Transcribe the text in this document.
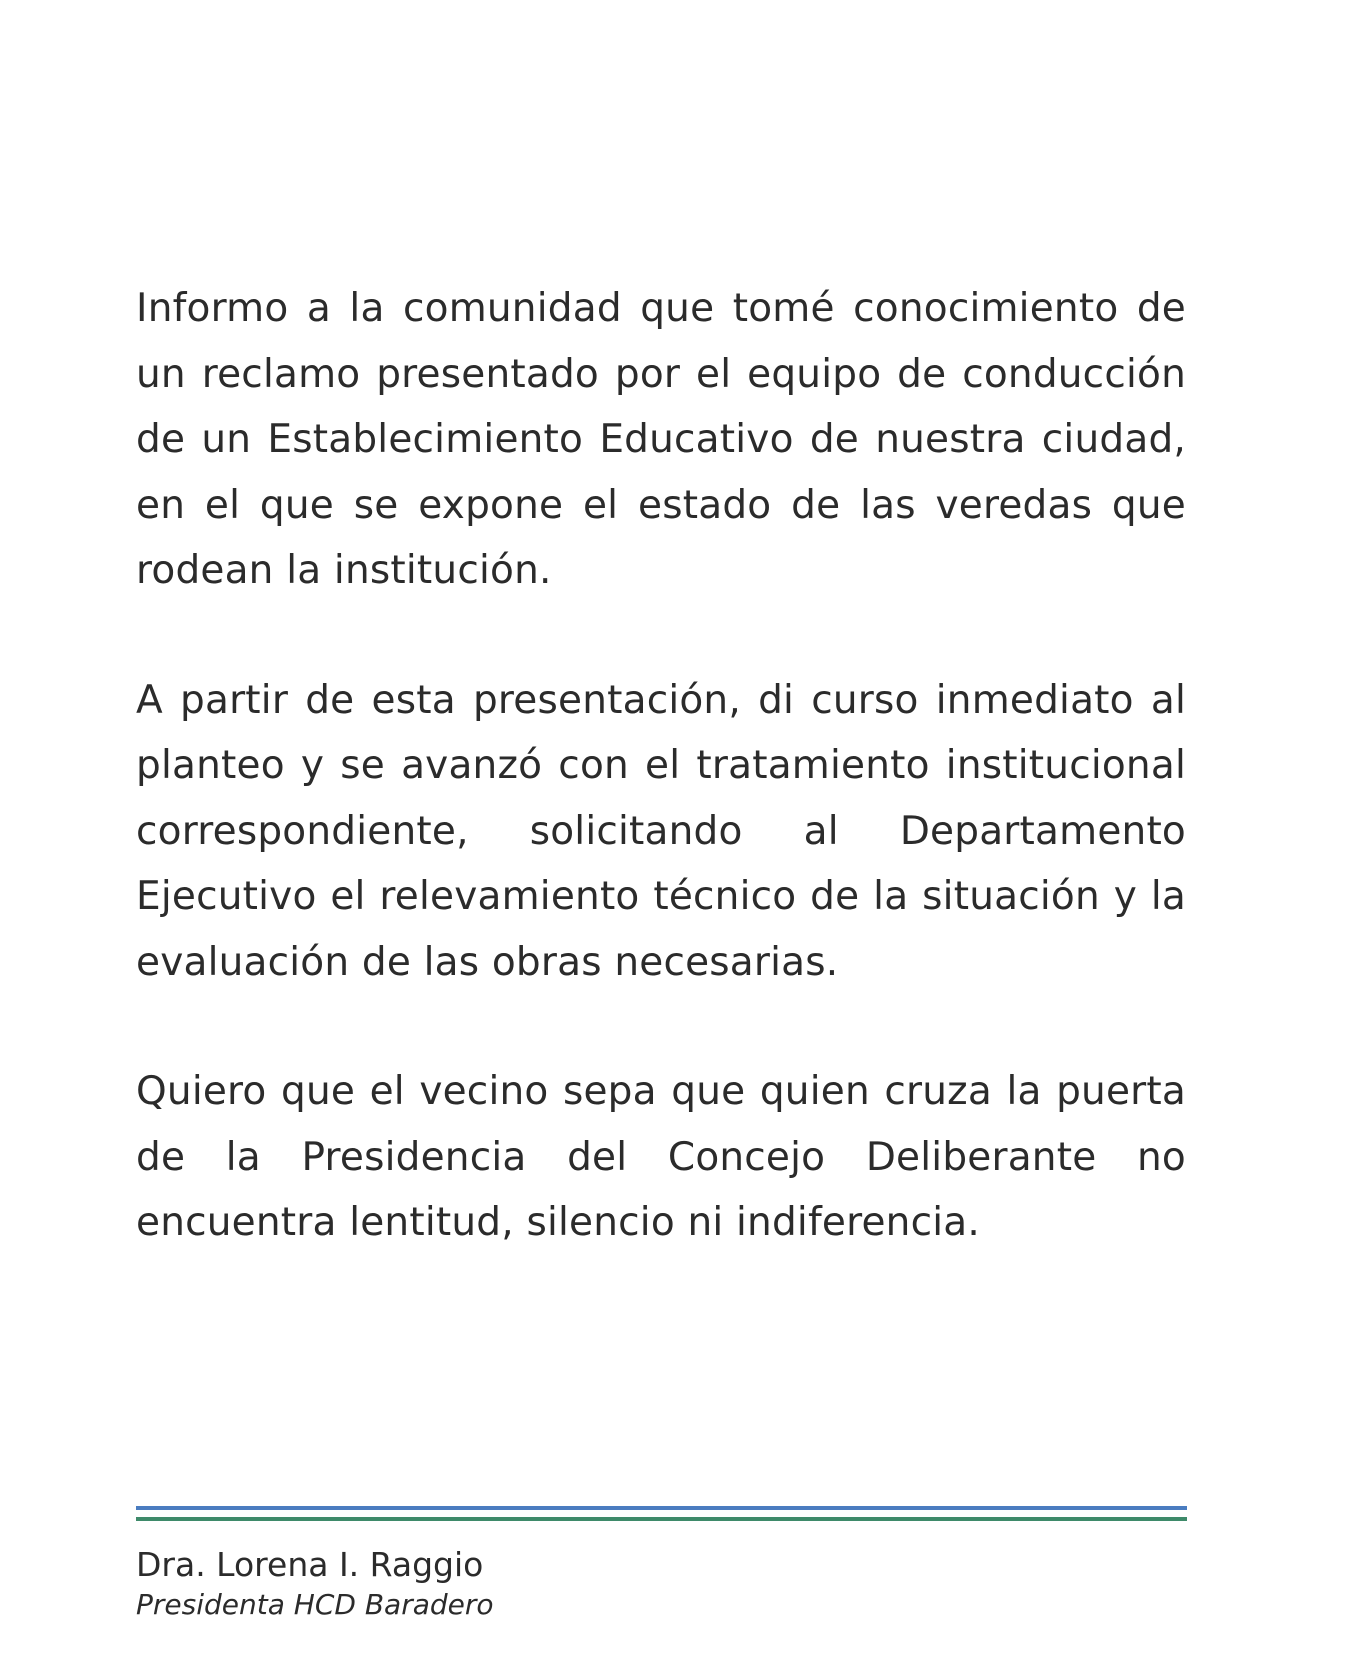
Informo a la comunidad que tomé conocimiento de un reclamo presentado por el equipo de conducción de un Establecimiento Educativo de nuestra ciudad, en el que se expone el estado de las veredas que rodean la institución.

A partir de esta presentación, di curso inmediato al planteo y se avanzó con el tratamiento institucional correspondiente, solicitando al Departamento Ejecutivo el relevamiento técnico de la situación y la evaluación de las obras necesarias.

Quiero que el vecino sepa que quien cruza la puerta de la Presidencia del Concejo Deliberante no encuentra lentitud, silencio ni indiferencia.

Dra. Lorena I. Raggio
Presidenta HCD Baradero
